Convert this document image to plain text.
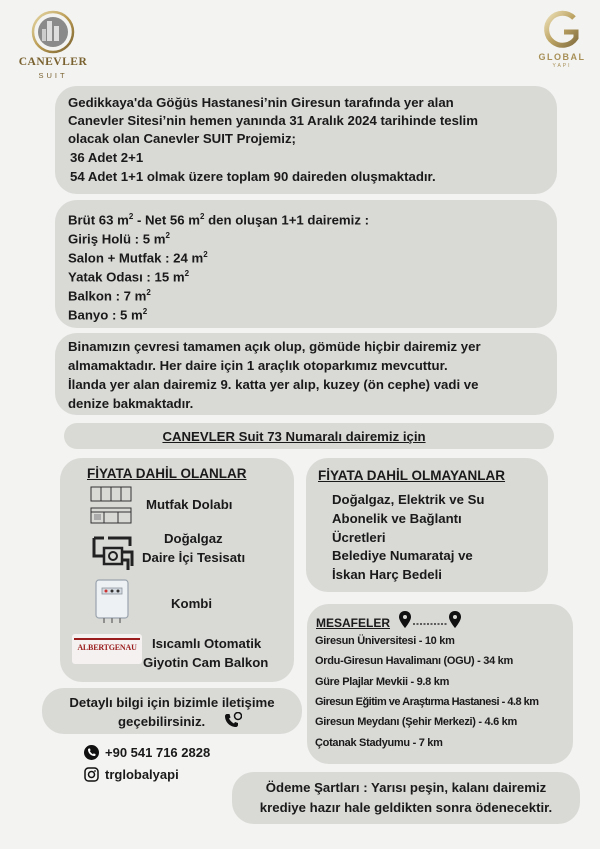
CANEVLER
SUIT
GLOBAL
YAPI
Gedikkaya'da Göğüs Hastanesi’nin Giresun tarafında yer alan
Canevler Sitesi’nin hemen yanında 31 Aralık 2024 tarihinde teslim
olacak olan Canevler SUIT Projemiz;
36 Adet 2+1
54 Adet 1+1 olmak üzere toplam 90 daireden oluşmaktadır.
Brüt 63 $m^2$ - Net 56 $m^2$ den oluşan 1+1 dairemiz :
Giriş Holü : 5 $m^2$
Salon + Mutfak : 24 $m^2$
Yatak Odası : 15 $m^2$
Balkon : 7 $m^2$
Banyo : 5 $m^2$
Binamızın çevresi tamamen açık olup, gömüde hiçbir dairemiz yer
almamaktadır. Her daire için 1 araçlık otoparkımız mevcuttur.
İlanda yer alan dairemiz 9. katta yer alıp, kuzey (ön cephe) vadi ve
denize bakmaktadır.
CANEVLER Suit 73 Numaralı dairemiz için
FİYATA DAHİL OLANLAR
Mutfak Dolabı
Doğalgaz
Daire İçi Tesisatı
Kombi
ALBERTGENAU	Isıcamlı Otomatik
Giyotin Cam Balkon
FİYATA DAHİL OLMAYANLAR
Doğalgaz, Elektrik ve Su
Abonelik ve Bağlantı
Ücretleri
Belediye Numarataj ve
İskan Harç Bedeli
MESAFELER
Giresun Üniversitesi - 10 km
Ordu-Giresun Havalimanı (OGU) - 34 km
Güre Plajlar Mevkii - 9.8 km
Giresun Eğitim ve Araştırma Hastanesi - 4.8 km
Giresun Meydanı (Şehir Merkezi) - 4.6 km
Çotanak Stadyumu - 7 km
Detaylı bilgi için bizimle iletişime
geçebilirsiniz.
+90 541 716 2828
trglobalyapi
Ödeme Şartları : Yarısı peşin, kalanı dairemiz
krediye hazır hale geldikten sonra ödenecektir.
